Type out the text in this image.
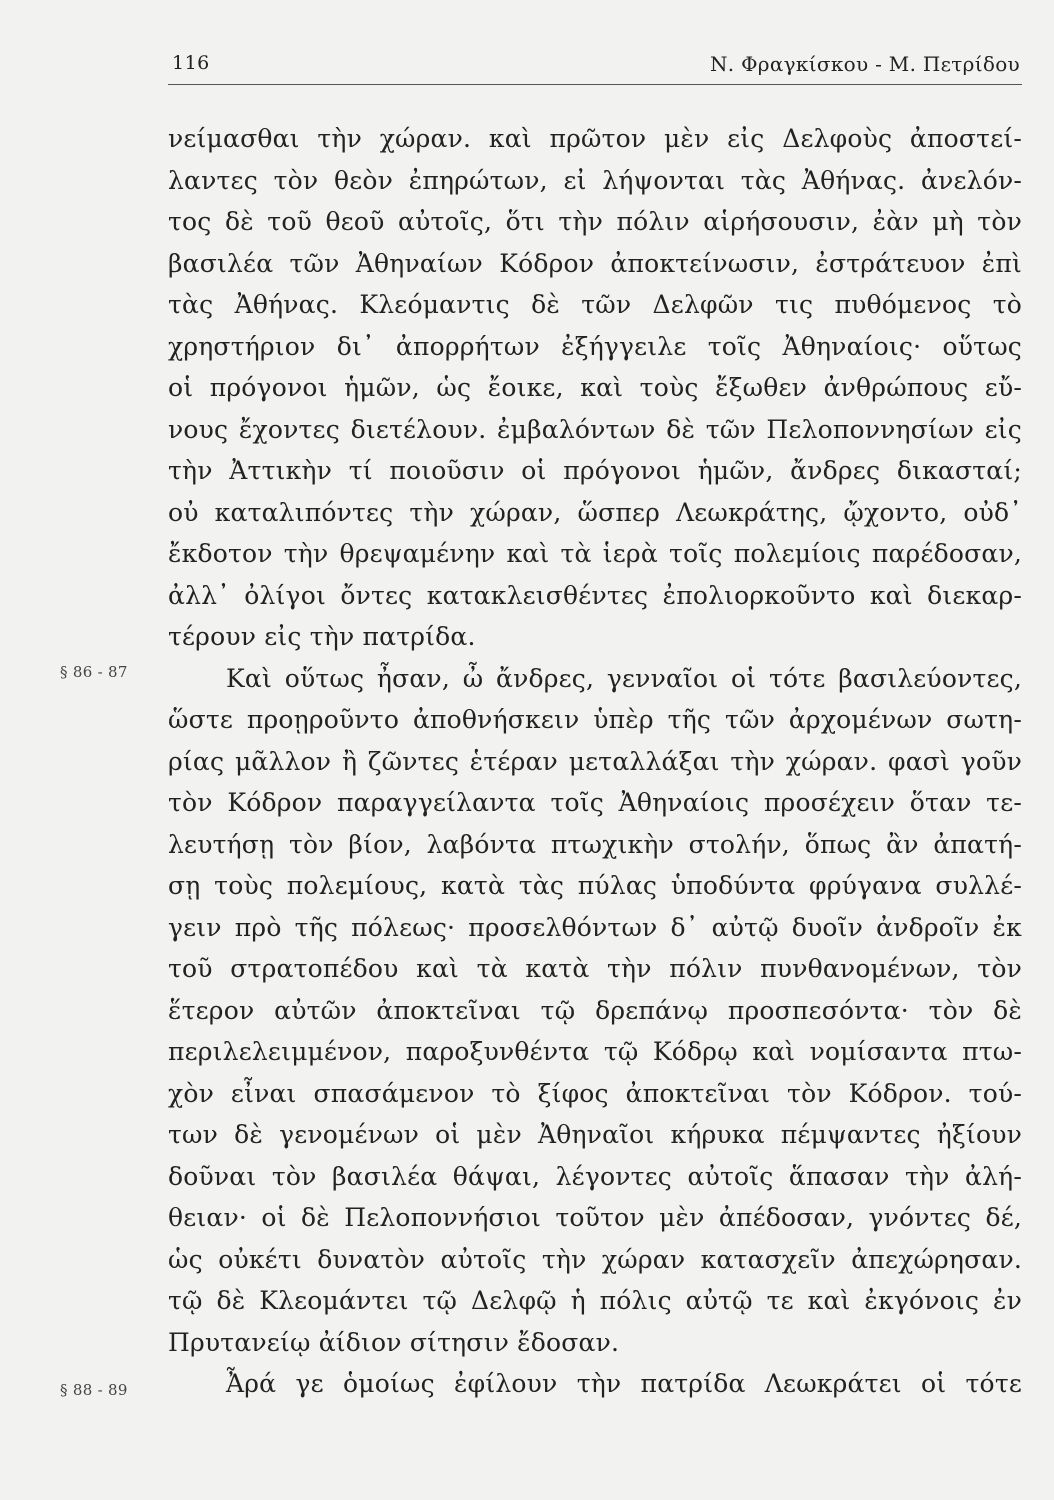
116	Ν. Φραγκίσκου - Μ. Πετρίδου
§ 86 - 87
§ 88 - 89
νείμασθαι τὴν χώραν. καὶ πρῶτον μὲν εἰς Δελφοὺς ἀποστεί-
λαντες τὸν θεὸν ἐπηρώτων, εἰ λήψονται τὰς Ἀθήνας. ἀνελόν-
τος δὲ τοῦ θεοῦ αὐτοῖς, ὅτι τὴν πόλιν αἱρήσουσιν, ἐὰν μὴ τὸν
βασιλέα τῶν Ἀθηναίων Κόδρον ἀποκτείνωσιν, ἐστράτευον ἐπὶ
τὰς Ἀθήνας. Κλεόμαντις δὲ τῶν Δελφῶν τις πυθόμενος τὸ
χρηστήριον δι᾽ ἀπορρήτων ἐξήγγειλε τοῖς Ἀθηναίοις· οὕτως
οἱ πρόγονοι ἡμῶν, ὡς ἔοικε, καὶ τοὺς ἔξωθεν ἀνθρώπους εὔ-
νους ἔχοντες διετέλουν. ἐμβαλόντων δὲ τῶν Πελοποννησίων εἰς
τὴν Ἀττικὴν τί ποιοῦσιν οἱ πρόγονοι ἡμῶν, ἄνδρες δικασταί;
οὐ καταλιπόντες τὴν χώραν, ὥσπερ Λεωκράτης, ᾤχοντο, οὐδ᾽
ἔκδοτον τὴν θρεψαμένην καὶ τὰ ἱερὰ τοῖς πολεμίοις παρέδοσαν,
ἀλλ᾽ ὀλίγοι ὄντες κατακλεισθέντες ἐπολιορκοῦντο καὶ διεκαρ-
τέρουν εἰς τὴν πατρίδα.
Καὶ οὕτως ἦσαν, ὦ ἄνδρες, γενναῖοι οἱ τότε βασιλεύοντες,
ὥστε προῃροῦντο ἀποθνήσκειν ὑπὲρ τῆς τῶν ἀρχομένων σωτη-
ρίας μᾶλλον ἢ ζῶντες ἑτέραν μεταλλάξαι τὴν χώραν. φασὶ γοῦν
τὸν Κόδρον παραγγείλαντα τοῖς Ἀθηναίοις προσέχειν ὅταν τε-
λευτήσῃ τὸν βίον, λαβόντα πτωχικὴν στολήν, ὅπως ἂν ἀπατή-
σῃ τοὺς πολεμίους, κατὰ τὰς πύλας ὑποδύντα φρύγανα συλλέ-
γειν πρὸ τῆς πόλεως· προσελθόντων δ᾽ αὐτῷ δυοῖν ἀνδροῖν ἐκ
τοῦ στρατοπέδου καὶ τὰ κατὰ τὴν πόλιν πυνθανομένων, τὸν
ἕτερον αὐτῶν ἀποκτεῖναι τῷ δρεπάνῳ προσπεσόντα· τὸν δὲ
περιλελειμμένον, παροξυνθέντα τῷ Κόδρῳ καὶ νομίσαντα πτω-
χὸν εἶναι σπασάμενον τὸ ξίφος ἀποκτεῖναι τὸν Κόδρον. τού-
των δὲ γενομένων οἱ μὲν Ἀθηναῖοι κήρυκα πέμψαντες ἠξίουν
δοῦναι τὸν βασιλέα θάψαι, λέγοντες αὐτοῖς ἅπασαν τὴν ἀλή-
θειαν· οἱ δὲ Πελοποννήσιοι τοῦτον μὲν ἀπέδοσαν, γνόντες δέ,
ὡς οὐκέτι δυνατὸν αὐτοῖς τὴν χώραν κατασχεῖν ἀπεχώρησαν.
τῷ δὲ Κλεομάντει τῷ Δελφῷ ἡ πόλις αὐτῷ τε καὶ ἐκγόνοις ἐν
Πρυτανείῳ ἀίδιον σίτησιν ἔδοσαν.
Ἆρά γε ὁμοίως ἐφίλουν τὴν πατρίδα Λεωκράτει οἱ τότε
